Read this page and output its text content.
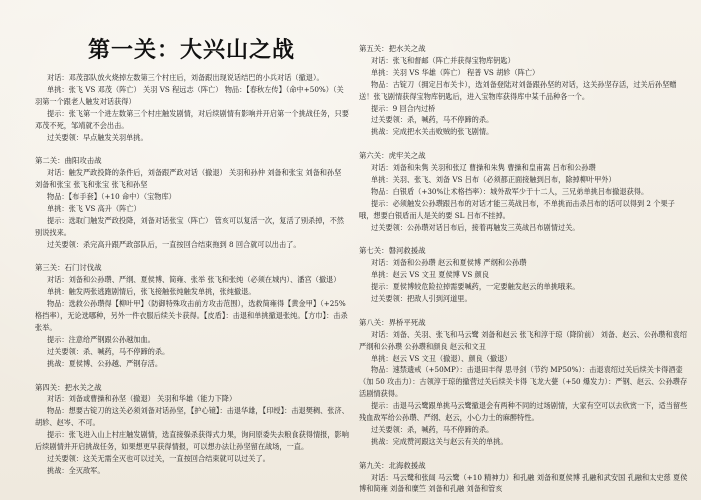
第一关：大兴山之战
对话：邓茂部队放火烧掉左数第三个村庄后，刘备跟出现说话结巴的小兵对话（撤退）。
单挑：张飞 VS 邓茂（阵亡） 关羽 VS 程远志（阵亡） 物品：【春秋左传】（命中+50%）（关羽第一个跟老人触发对话获得）
提示：张飞第一个进左数第三个村庄触发剧情，对后续剧情有影响并开启第一个挑战任务，只要邓茂不死，邹靖就不会出击。
过关要领：早点触发关羽单挑。
第二关：曲阳攻击战
对话：触发严政投降的条件后，刘备跟严政对话（撤退） 关羽和孙仲 刘备和张宝 刘备和孙坚 刘备和张宝 张飞和张宝 张飞和孙坚
物品：【布手套】（+10 命中）（宝物库）
单挑：张飞 VS 高升（阵亡）
提示：选取门触发严政投降，刘备对话张宝（阵亡） 管亥可以复活一次，复活了别杀掉，不然别说找来。
过关要领：杀完高升跟严政部队后，一直按回合结束拖到 8 回合就可以出击了。
第三关：石门讨伐战
对话：刘备和公孙瓒、严纲、夏侯博、简雍、张举 张飞和张纯（必须在城内）、潘宫（撤退）
单挑：触发两张逃跑剧情后，张飞接触张纯触发单挑，张纯撤退。
物品：选救公孙瓒得【柳叶甲】（防御特殊攻击前方攻击范围），选救简雍得【黄金甲】（+25%格挡率），无论选哪种，另外一件衣服后续关卡获得。【皮盾】：击退和单挑撤退张纯。【方巾】：击杀张举。
提示：注意给严钢跟公孙越加血。
过关要领：杀、喊药，马不停蹄的杀。
挑战：夏侯博、公孙越、严钢存活。
第四关：把水关之战
对话：刘备或曹操和孙坚（撤退） 关羽和华雄（能力下降）
物品：想要古锭刀的这关必须刘备对话孙坚，【护心镜】：击退华雄，【印绶】：击退樊稠、张济、胡轸、赵岑、不可。
提示：张飞进入山上村庄触发剧情，选直接躲杀获得式力果，询问原委失去粮食获得情报，影响后续剧情并开启挑战任务，如果想更早获得情报，可以想办法让孙坚留在战场，一直。
过关要领：这关无需全灭也可以过关，一直按回合结束就可以过关了。
挑战：全灭敌军。
第五关：把水关之战
对话：张飞和督邮（阵亡并获得宝物库钥匙）
单挑：关羽 VS 华雄（阵亡） 程普 VS 胡轸（阵亡）
物品：古锭刀（拥定吕布关卡），选刘备登陆对刘备跟孙坚的对话，这关孙坚存活，过关后孙坚赠送！张飞剧情获得宝物库钥匙后，进入宝物库获得库中某千品种各一个。
提示：9 回合内过桥
过关要领：杀，喊药，马不停蹄的杀。
挑战：完成把水关击败贼的张飞剧情。
第六关：虎牢关之战
对话：刘备和朱隽 关羽和张辽 曹操和朱隽 曹操和皇甫嵩 吕布和公孙瓒
单挑：关羽、张飞、刘备 VS 吕布（必须都正面接触到吕布，除掉柳叶甲外）
物品：白银盾（+30%让术格挡率）：城外敌军少于十二人，三兄弟单挑吕布撤退获得。
提示：必须触发公孙瓒跟吕布的对话才能三英战吕布，不单挑而击杀吕布的话可以得到 2 个果子哦，想要白银盾而人是关的要 SL 吕布不挂掉。
过关要领：公孙瓒对话吕布后，接着再触发三英战吕布剧情过关。
第七关：磐河救援战
对话：刘备和公孙瓒 赵云和夏侯博 严纲和公孙瓒
单挑：赵云 VS 文丑 夏侯博 VS 颜良
提示：夏侯博较危险拉掉需要喊药，一定要触发赵云的单挑哦来。
过关要领：把敌人引到河道里。
第八关：界桥平死战
对话：刘备、关羽、张飞和马云鹭 刘备和赵云 张飞和淳于琼（降阶前） 刘备、赵云、公孙瓒和袁绍 严纲和公孙瓒 公孙瓒和颜良 赵云和文丑
单挑：赵云 VS 文丑（撤退）、颜良（撤退）
物品：速禁遗戒（+50MP）：击退田丰得 思寻剑（节约 MP50%）：击退袁绍过关后续关卡得酒壶（加 50 攻击力）：古领淳于琼的撤营过关后续关卡得 飞龙大甍（+50 爆发力）：严钢、赵云、公孙瓒存活剧情获得。
提示：击退马云鹭跟单挑马云鹭撤退会有两种不同的过场剧情，大家有空可以去欣赏一下，适当留些残血敌军给公孙瓒、严纲、赵云，小心力士的麻醉特性。
过关要领：杀，喊药，马不停蹄的杀。
挑战：完成赞河跟这关与赵云有关的单挑。
第九关：北海救援战
对话：马云鹭和张闿 马云鹭（+10 精神力）和孔融 刘备和夏侯博 孔融和武安国 孔融和太史慈 夏侯博和简雍 刘备和糜竺 刘备和孔融 刘备和管亥
